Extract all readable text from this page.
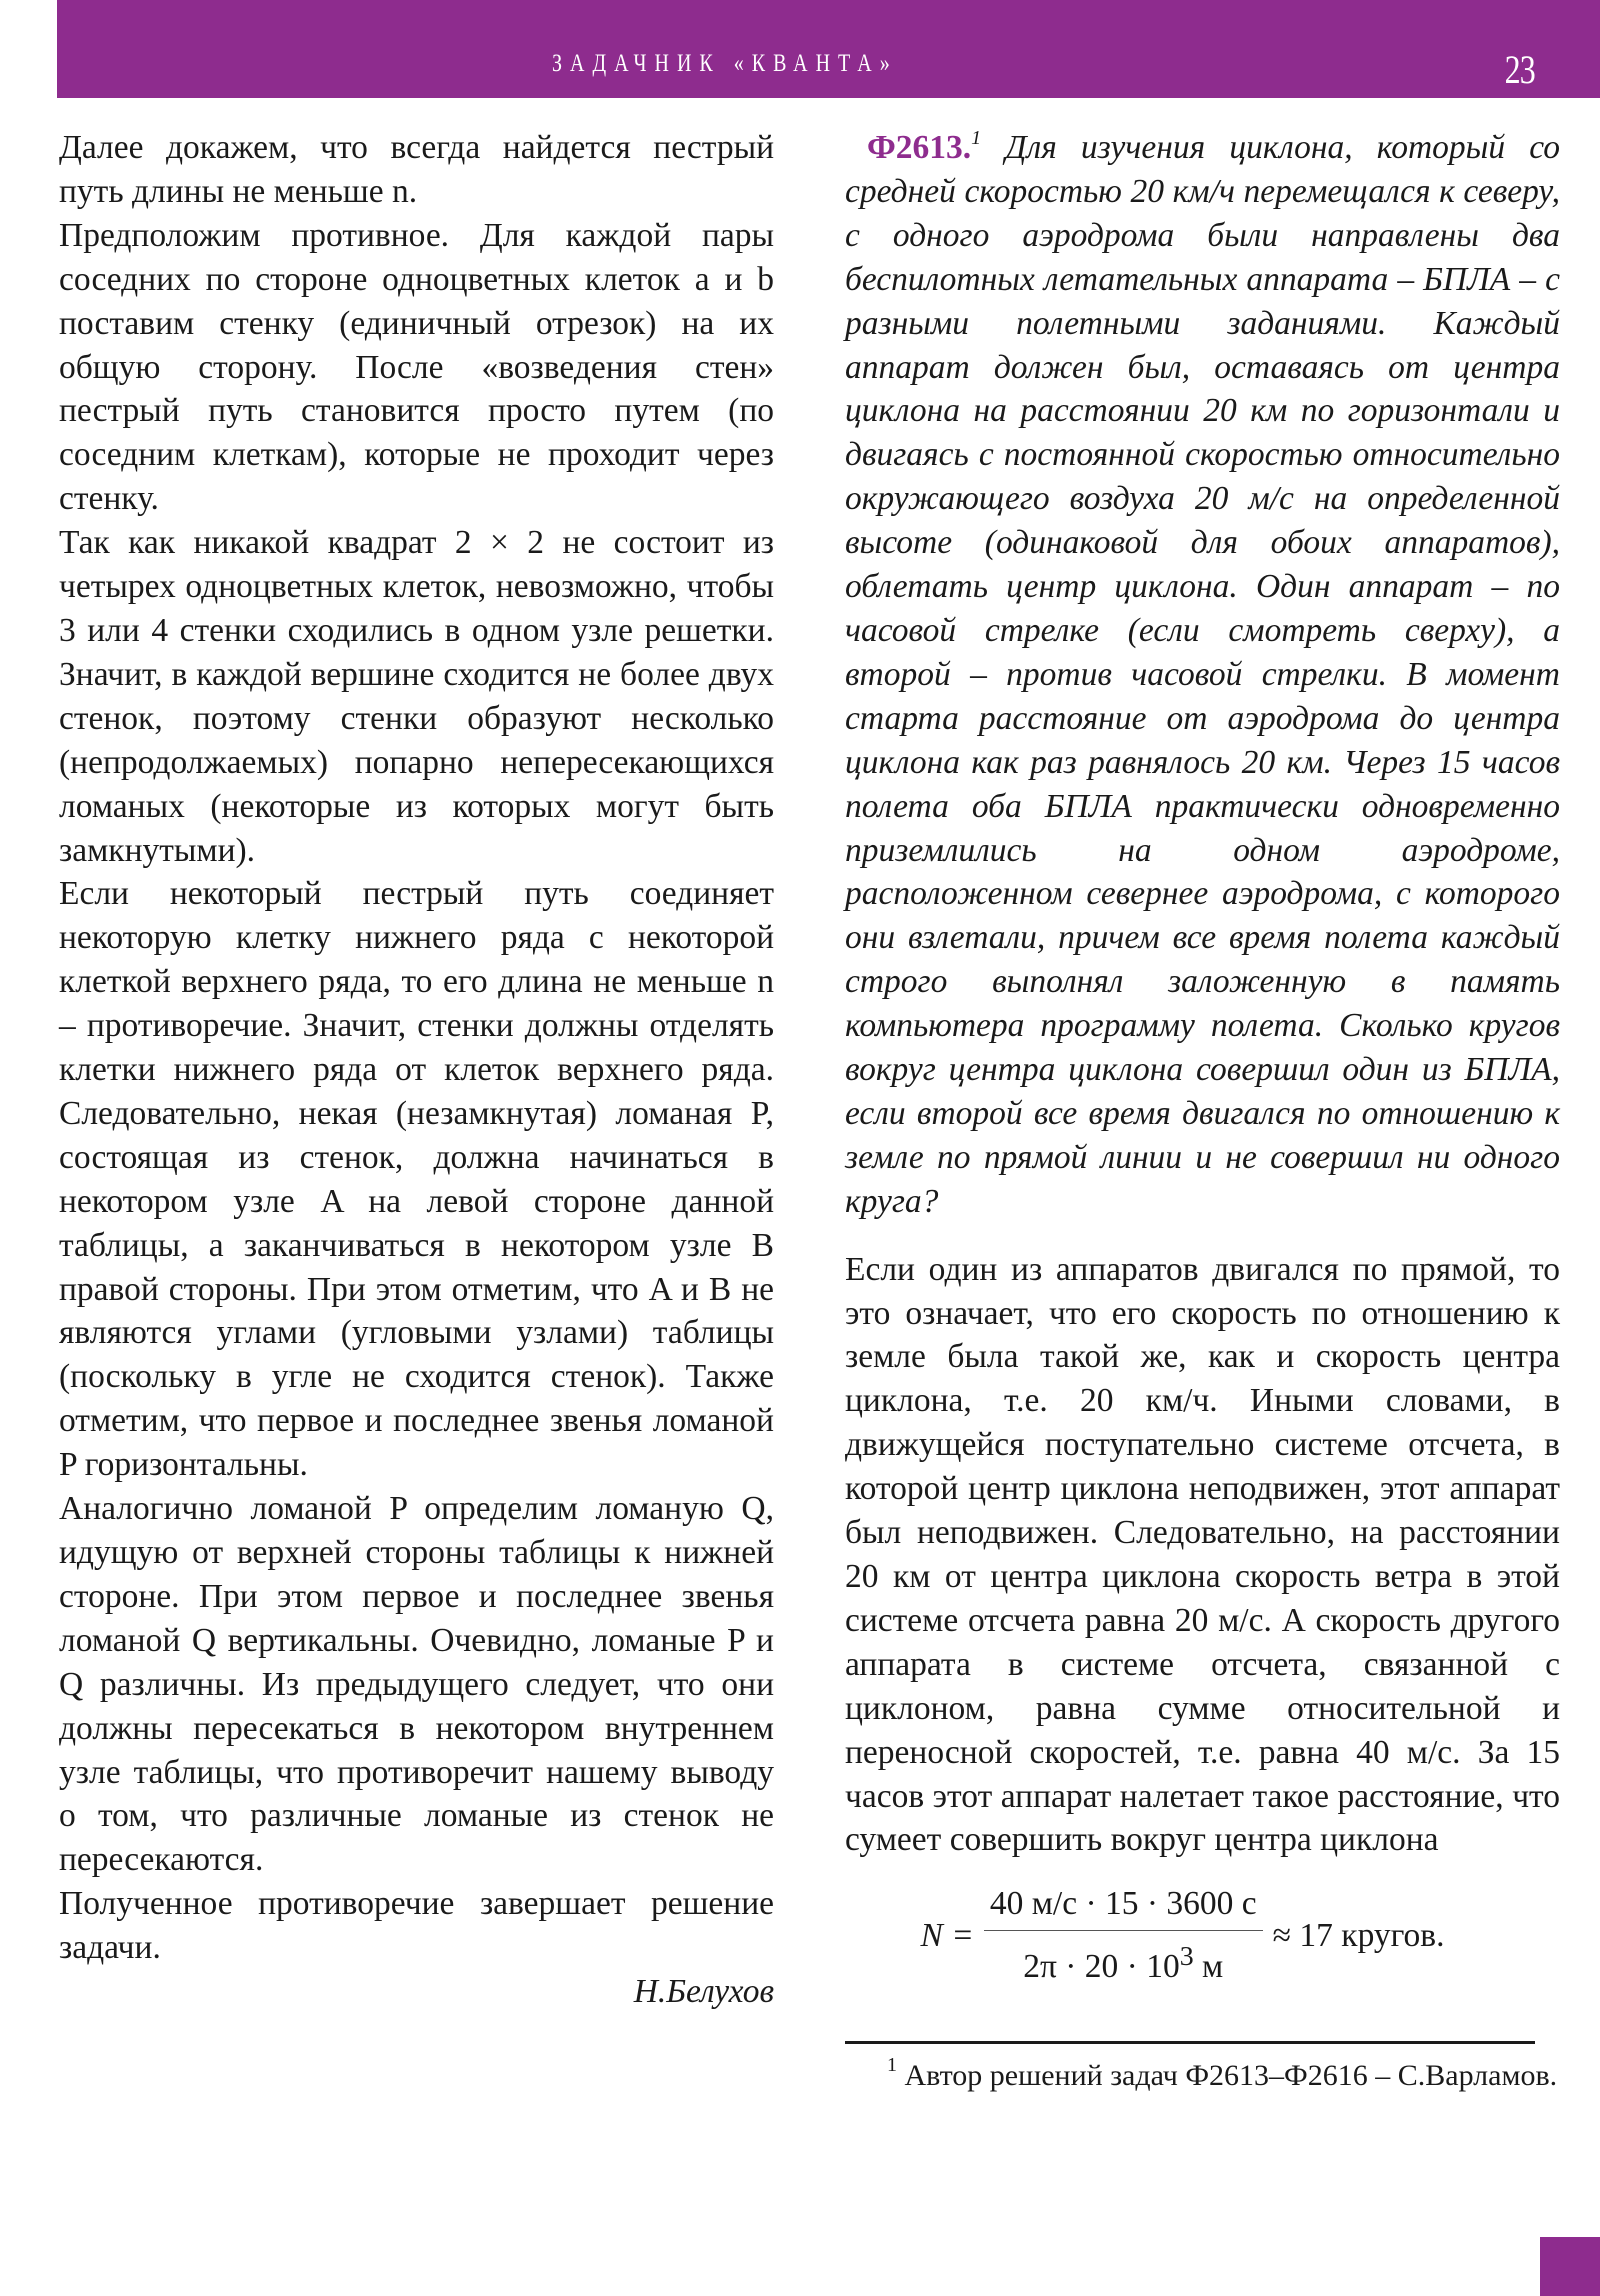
ЗАДАЧНИК «КВАНТА»	23

Далее докажем, что всегда найдется пестрый путь длины не меньше n.

Предположим противное. Для каждой пары соседних по стороне одноцветных клеток a и b поставим стенку (единичный отрезок) на их общую сторону. После «возведения стен» пестрый путь становится просто путем (по соседним клеткам), которые не проходит через стенку.

Так как никакой квадрат 2 × 2 не состоит из четырех одноцветных клеток, невозможно, чтобы 3 или 4 стенки сходились в одном узле решетки. Значит, в каждой вершине сходится не более двух стенок, поэтому стенки образуют несколько (непродолжаемых) попарно непересекающихся ломаных (некоторые из которых могут быть замкнутыми).

Если некоторый пестрый путь соединяет некоторую клетку нижнего ряда с некоторой клеткой верхнего ряда, то его длина не меньше n – противоречие. Значит, стенки должны отделять клетки нижнего ряда от клеток верхнего ряда. Следовательно, некая (незамкнутая) ломаная P, состоящая из стенок, должна начинаться в некотором узле A на левой стороне данной таблицы, а заканчиваться в некотором узле B правой стороны. При этом отметим, что A и B не являются углами (угловыми узлами) таблицы (поскольку в угле не сходится стенок). Также отметим, что первое и последнее звенья ломаной P горизонтальны.

Аналогично ломаной P определим ломаную Q, идущую от верхней стороны таблицы к нижней стороне. При этом первое и последнее звенья ломаной Q вертикальны. Очевидно, ломаные P и Q различны. Из предыдущего следует, что они должны пересекаться в некотором внутреннем узле таблицы, что противоречит нашему выводу о том, что различные ломаные из стенок не пересекаются.

Полученное противоречие завершает решение задачи.

Н.Белухов

Ф2613.$^1$ Для изучения циклона, который со средней скоростью 20 км/ч перемещался к северу, с одного аэродрома были направлены два беспилотных летательных аппарата – БПЛА – с разными полетными заданиями. Каждый аппарат должен был, оставаясь от центра циклона на расстоянии 20 км по горизонтали и двигаясь с постоянной скоростью относительно окружающего воздуха 20 м/с на определенной высоте (одинаковой для обоих аппаратов), облетать центр циклона. Один аппарат – по часовой стрелке (если смотреть сверху), а второй – против часовой стрелки. В момент старта расстояние от аэродрома до центра циклона как раз равнялось 20 км. Через 15 часов полета оба БПЛА практически одновременно приземлились на одном аэродроме, расположенном севернее аэродрома, с которого они взлетали, причем все время полета каждый строго выполнял заложенную в память компьютера программу полета. Сколько кругов вокруг центра циклона совершил один из БПЛА, если второй все время двигался по отношению к земле по прямой линии и не совершил ни одного круга?

Если один из аппаратов двигался по прямой, то это означает, что его скорость по отношению к земле была такой же, как и скорость центра циклона, т.е. 20 км/ч. Иными словами, в движущейся поступательно системе отсчета, в которой центр циклона неподвижен, этот аппарат был неподвижен. Следовательно, на расстоянии 20 км от центра циклона скорость ветра в этой системе отсчета равна 20 м/с. А скорость другого аппарата в системе отсчета, связанной с циклоном, равна сумме относительной и переносной скоростей, т.е. равна 40 м/с. За 15 часов этот аппарат налетает такое расстояние, что сумеет совершить вокруг центра циклона

$N = \frac{40 м/с \cdot 15 \cdot 3600 с}{2\pi \cdot 20 \cdot 10^3 м} \approx 17$ кругов.

$^1$ Автор решений задач Ф2613–Ф2616 – С.Варламов.
